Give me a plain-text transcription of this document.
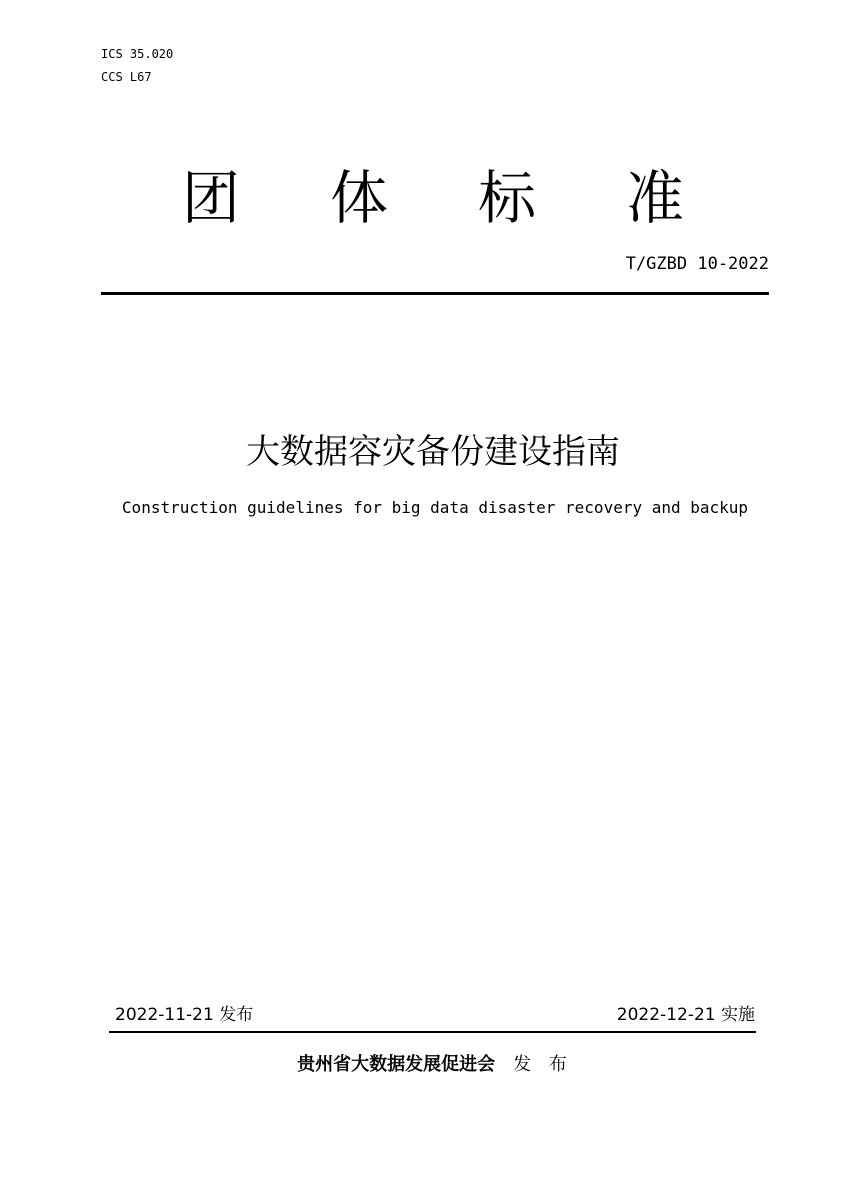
ICS 35.020
CCS L67
团 体 标 准
T/GZBD 10-2022
大数据容灾备份建设指南
Construction guidelines for big data disaster recovery and backup
2022-11-21 发布	2022-12-21 实施
贵州省大数据发展促进会 发 布
